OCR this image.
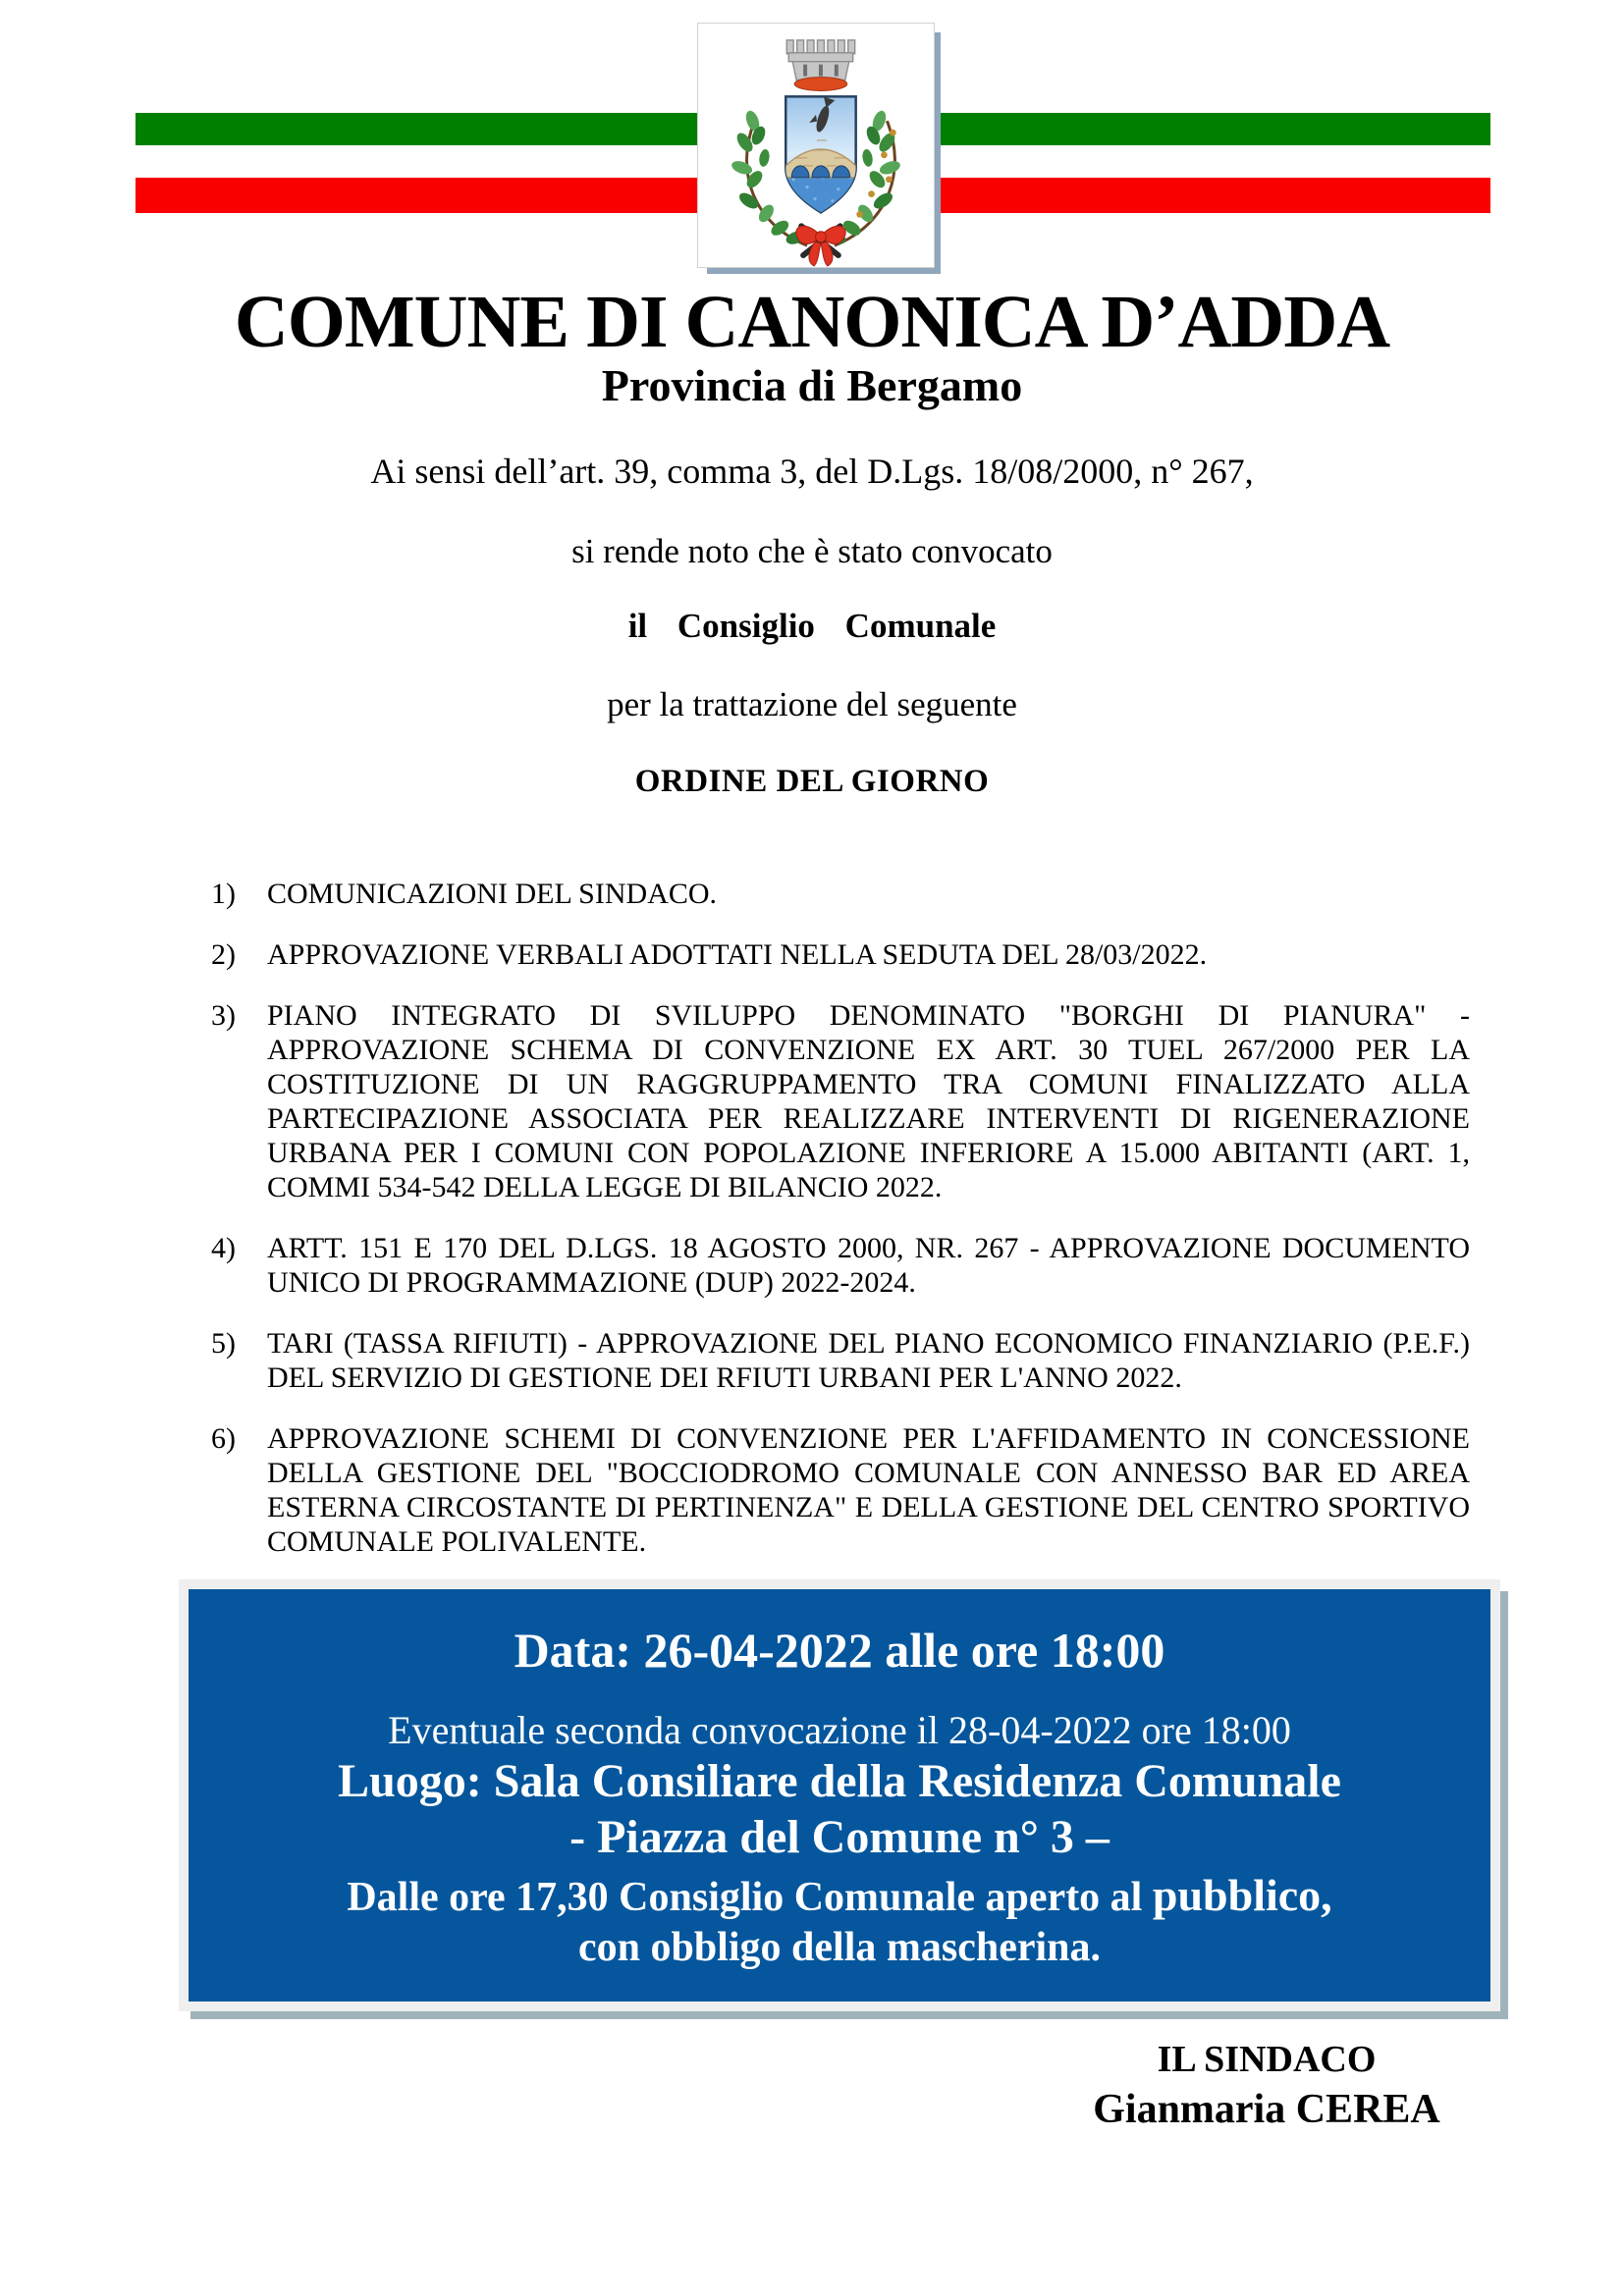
COMUNE DI CANONICA D’ADDA
Provincia di Bergamo
Ai sensi dell’art. 39, comma 3, del D.Lgs. 18/08/2000, n° 267,
si rende noto che è stato convocato
il Consiglio Comunale
per la trattazione del seguente
ORDINE DEL GIORNO
1)	COMUNICAZIONI DEL SINDACO.
2)	APPROVAZIONE VERBALI ADOTTATI NELLA SEDUTA DEL 28/03/2022.
3)	PIANO INTEGRATO DI SVILUPPO DENOMINATO "BORGHI DI PIANURA" - APPROVAZIONE SCHEMA DI CONVENZIONE EX ART. 30 TUEL 267/2000 PER LA COSTITUZIONE DI UN RAGGRUPPAMENTO TRA COMUNI FINALIZZATO ALLA PARTECIPAZIONE ASSOCIATA PER REALIZZARE INTERVENTI DI RIGENERAZIONE URBANA PER I COMUNI CON POPOLAZIONE INFERIORE A 15.000 ABITANTI (ART. 1, COMMI 534-542 DELLA LEGGE DI BILANCIO 2022.
4)	ARTT. 151 E 170 DEL D.LGS. 18 AGOSTO 2000, NR. 267 - APPROVAZIONE DOCUMENTO UNICO DI PROGRAMMAZIONE (DUP) 2022-2024.
5)	TARI (TASSA RIFIUTI) - APPROVAZIONE DEL PIANO ECONOMICO FINANZIARIO (P.E.F.) DEL SERVIZIO DI GESTIONE DEI RFIUTI URBANI PER L'ANNO 2022.
6)	APPROVAZIONE SCHEMI DI CONVENZIONE PER L'AFFIDAMENTO IN CONCESSIONE DELLA GESTIONE DEL "BOCCIODROMO COMUNALE CON ANNESSO BAR ED AREA ESTERNA CIRCOSTANTE DI PERTINENZA" E DELLA GESTIONE DEL CENTRO SPORTIVO COMUNALE POLIVALENTE.
Data: 26-04-2022 alle ore 18:00
Eventuale seconda convocazione il 28-04-2022 ore 18:00
Luogo: Sala Consiliare della Residenza Comunale
- Piazza del Comune n° 3 –
Dalle ore 17,30 Consiglio Comunale aperto al pubblico,
con obbligo della mascherina.
IL SINDACO
Gianmaria CEREA
